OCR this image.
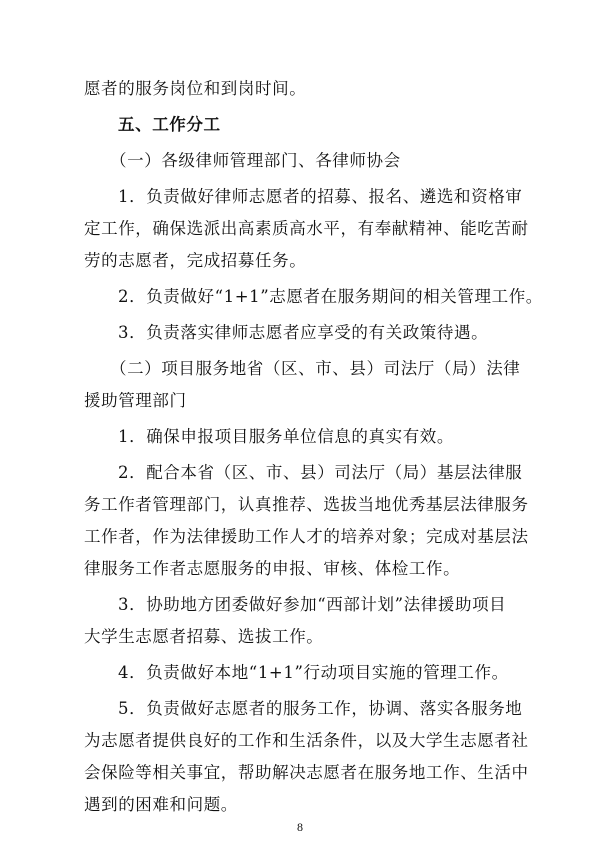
愿者的服务岗位和到岗时间。
五、工作分工
（一）各级律师管理部门、各律师协会
1．负责做好律师志愿者的招募、报名、遴选和资格审
定工作，确保选派出高素质高水平，有奉献精神、能吃苦耐
劳的志愿者，完成招募任务。
2．负责做好“1+1”志愿者在服务期间的相关管理工作。
3．负责落实律师志愿者应享受的有关政策待遇。
（二）项目服务地省（区、市、县）司法厅（局）法律
援助管理部门
1．确保申报项目服务单位信息的真实有效。
2．配合本省（区、市、县）司法厅（局）基层法律服
务工作者管理部门，认真推荐、选拔当地优秀基层法律服务
工作者，作为法律援助工作人才的培养对象；完成对基层法
律服务工作者志愿服务的申报、审核、体检工作。
3．协助地方团委做好参加“西部计划”法律援助项目
大学生志愿者招募、选拔工作。
4．负责做好本地“1+1”行动项目实施的管理工作。
5．负责做好志愿者的服务工作，协调、落实各服务地
为志愿者提供良好的工作和生活条件，以及大学生志愿者社
会保险等相关事宜，帮助解决志愿者在服务地工作、生活中
遇到的困难和问题。
8
